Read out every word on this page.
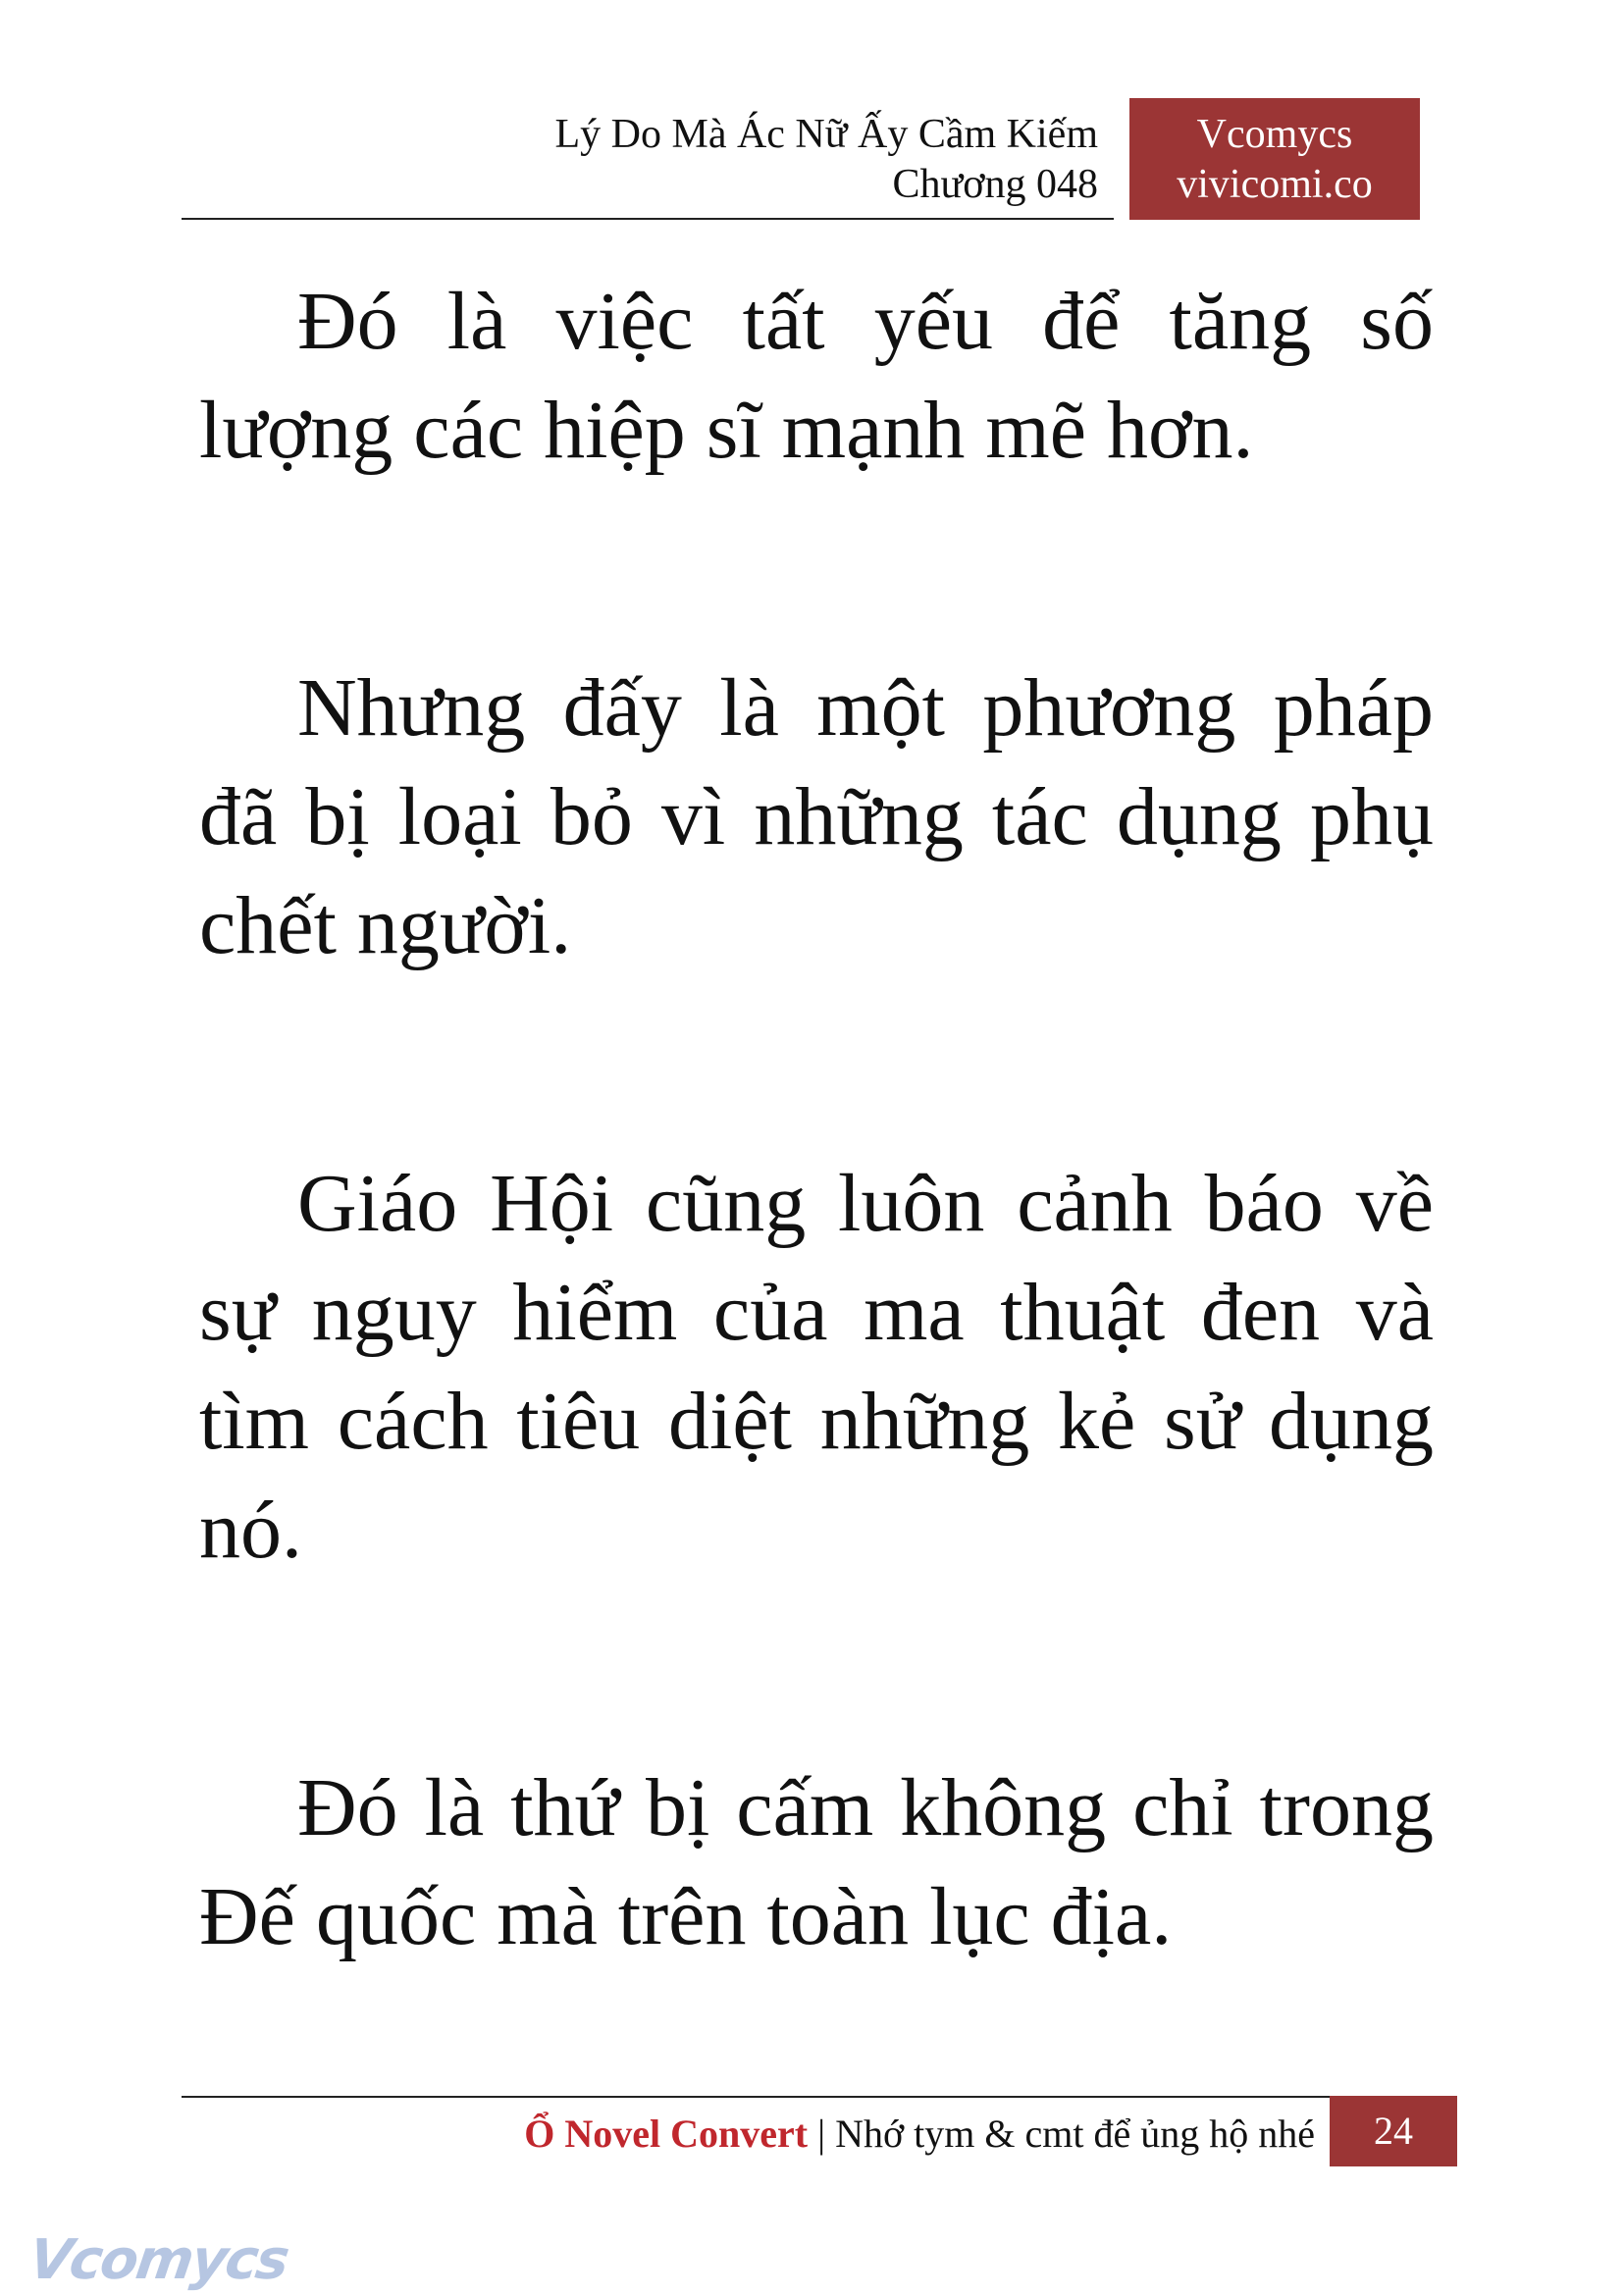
Lý Do Mà Ác Nữ Ấy Cầm Kiếm
Chương 048
Vcomycs
vivicomi.co

Đó là việc tất yếu để tăng số lượng các hiệp sĩ mạnh mẽ hơn.

Nhưng đấy là một phương pháp đã bị loại bỏ vì những tác dụng phụ chết người.

Giáo Hội cũng luôn cảnh báo về sự nguy hiểm của ma thuật đen và tìm cách tiêu diệt những kẻ sử dụng nó.

Đó là thứ bị cấm không chỉ trong Đế quốc mà trên toàn lục địa.

Ổ Novel Convert | Nhớ tym & cmt để ủng hộ nhé	24
Vcomycs
